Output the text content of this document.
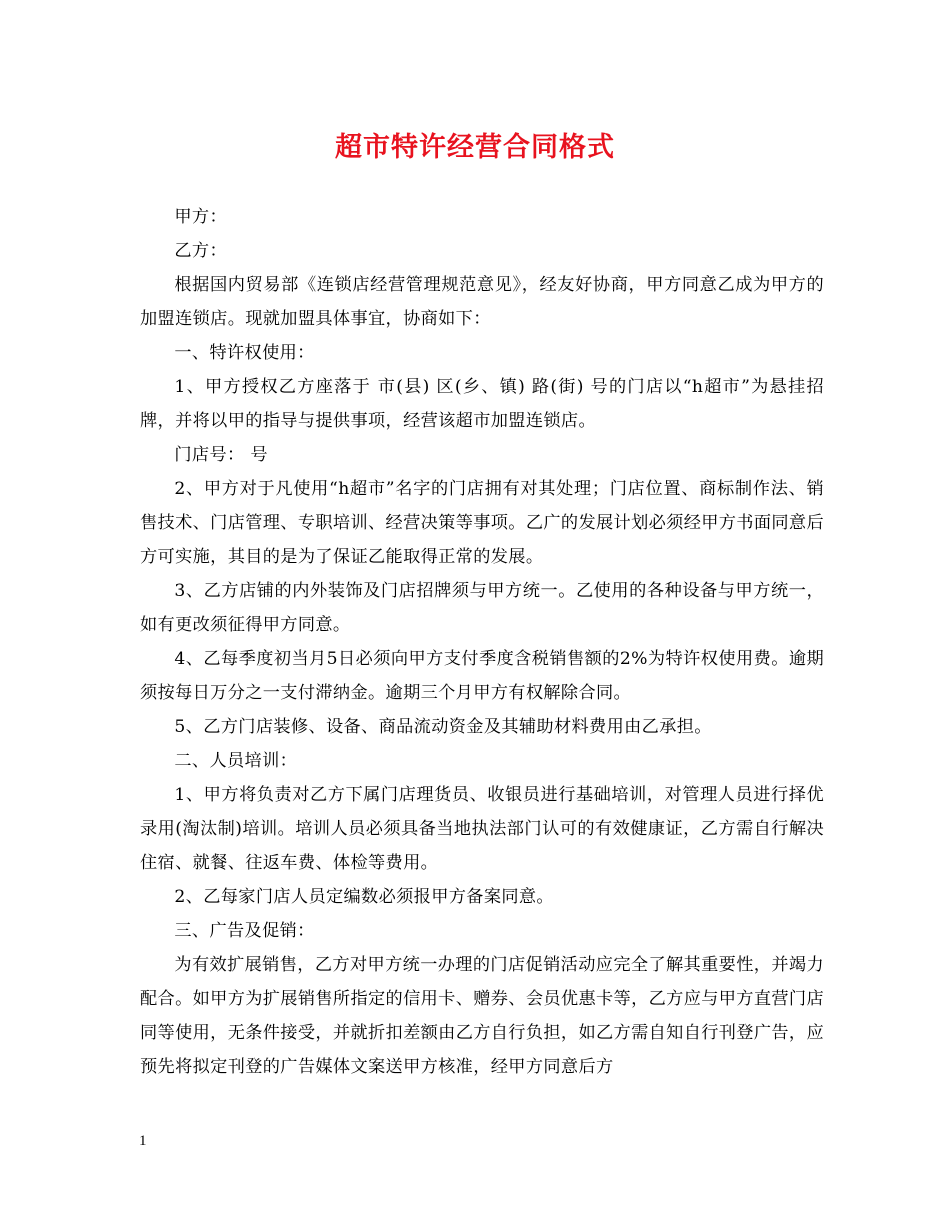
超市特许经营合同格式

甲方：

乙方：

根据国内贸易部《连锁店经营管理规范意见》，经友好协商，甲方同意乙成为甲方的加盟连锁店。现就加盟具体事宜，协商如下：

一、特许权使用：

1、甲方授权乙方座落于 市(县) 区(乡、镇) 路(街) 号的门店以“h超市”为悬挂招牌，并将以甲的指导与提供事项，经营该超市加盟连锁店。

门店号： 号

2、甲方对于凡使用“h超市”名字的门店拥有对其处理；门店位置、商标制作法、销售技术、门店管理、专职培训、经营决策等事项。乙广的发展计划必须经甲方书面同意后方可实施，其目的是为了保证乙能取得正常的发展。

3、乙方店铺的内外装饰及门店招牌须与甲方统一。乙使用的各种设备与甲方统一，如有更改须征得甲方同意。

4、乙每季度初当月5日必须向甲方支付季度含税销售额的2%为特许权使用费。逾期须按每日万分之一支付滞纳金。逾期三个月甲方有权解除合同。

5、乙方门店装修、设备、商品流动资金及其辅助材料费用由乙承担。

二、人员培训：

1、甲方将负责对乙方下属门店理货员、收银员进行基础培训，对管理人员进行择优录用(淘汰制)培训。培训人员必须具备当地执法部门认可的有效健康证，乙方需自行解决住宿、就餐、往返车费、体检等费用。

2、乙每家门店人员定编数必须报甲方备案同意。

三、广告及促销：

为有效扩展销售，乙方对甲方统一办理的门店促销活动应完全了解其重要性，并竭力配合。如甲方为扩展销售所指定的信用卡、赠券、会员优惠卡等，乙方应与甲方直营门店同等使用，无条件接受，并就折扣差额由乙方自行负担，如乙方需自知自行刊登广告，应预先将拟定刊登的广告媒体文案送甲方核准，经甲方同意后方

1
